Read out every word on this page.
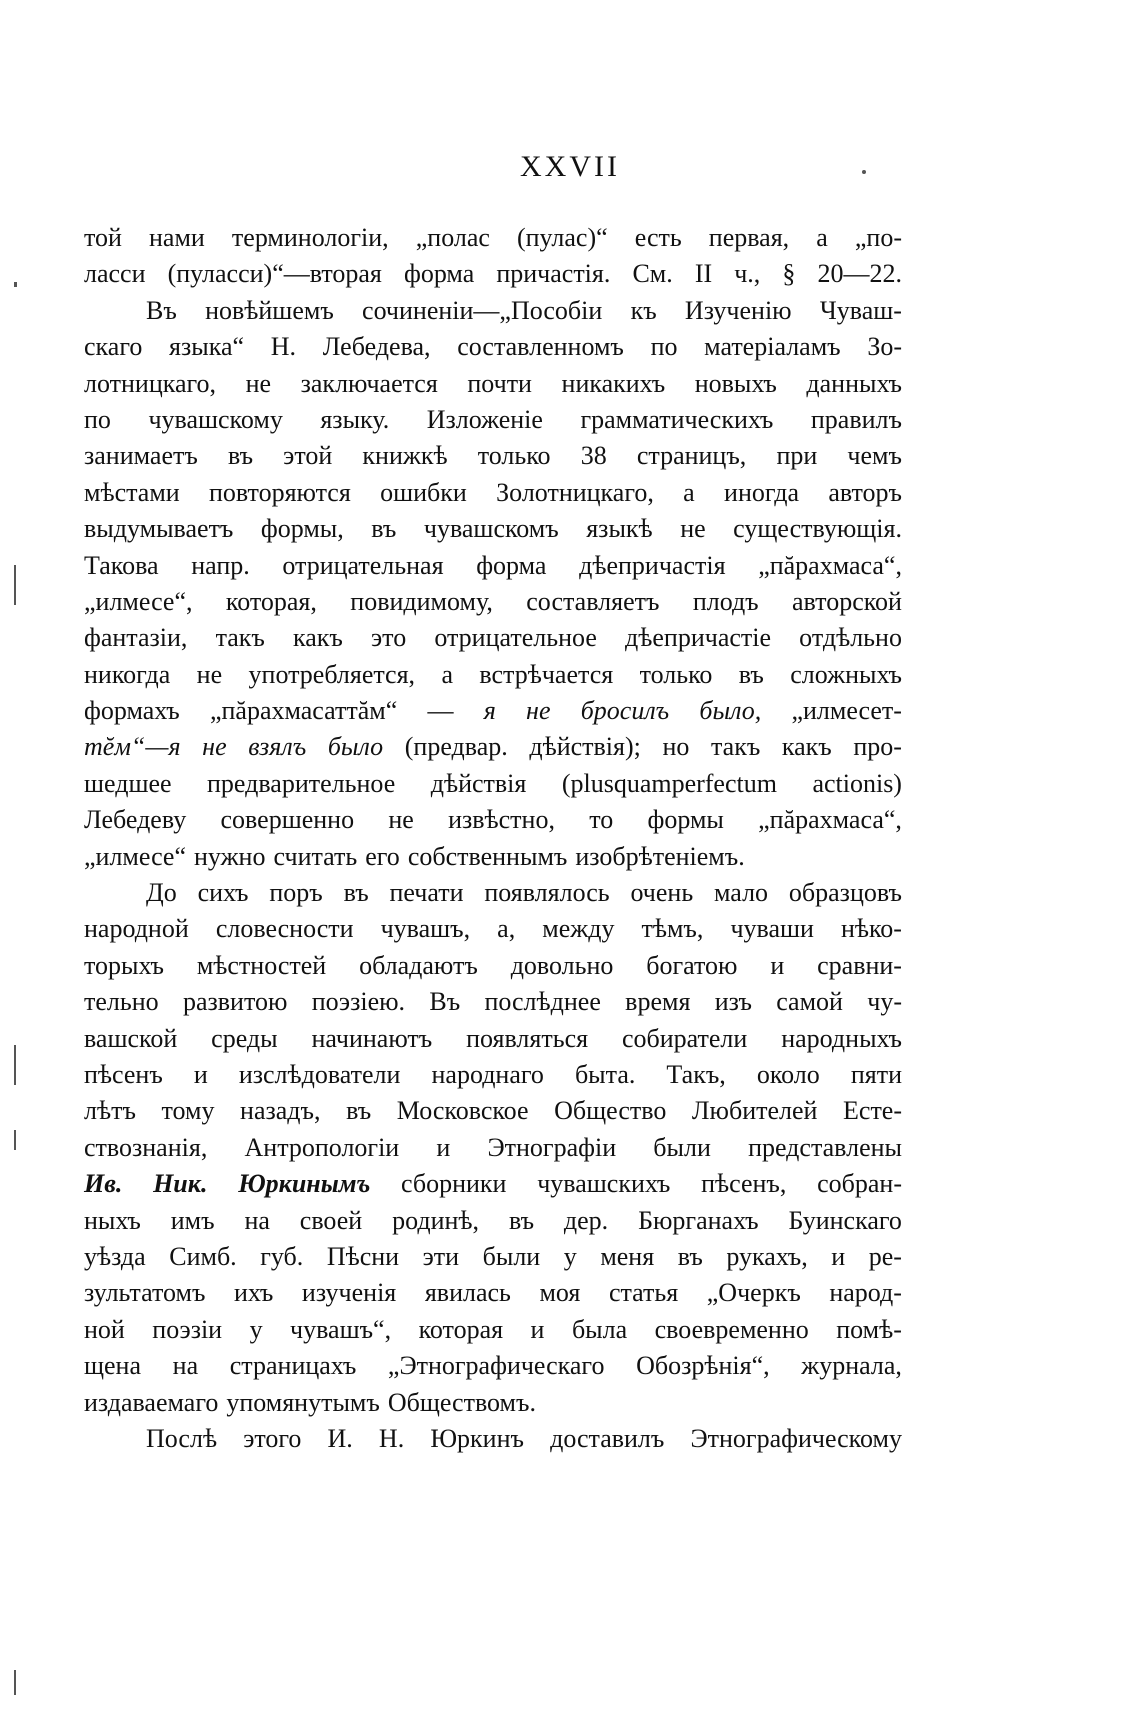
XXVII
той нами терминологіи, „полас (пулас)“ есть первая, а „по-
ласси (пуласси)“—вторая форма причастія. См. II ч., § 20—22.
Въ новѣйшемъ сочиненіи—„Пособіи къ Изученію Чуваш-
скаго языка“ Н. Лебедева, составленномъ по матеріаламъ Зо-
лотницкаго, не заключается почти никакихъ новыхъ данныхъ
по чувашскому языку. Изложеніе грамматическихъ правилъ
занимаетъ въ этой книжкѣ только 38 страницъ, при чемъ
мѣстами повторяются ошибки Золотницкаго, а иногда авторъ
выдумываетъ формы, въ чувашскомъ языкѣ не существующія.
Такова напр. отрицательная форма дѣепричастія „пăрахмаса“,
„илмесе“, которая, повидимому, составляетъ плодъ авторской
фантазіи, такъ какъ это отрицательное дѣепричастіе отдѣльно
никогда не употребляется, а встрѣчается только въ сложныхъ
формахъ „пăрахмасаттăм“ — я не бросилъ было, „илмесет-
тĕм“—я не взялъ было (предвар. дѣйствія); но такъ какъ про-
шедшее предварительное дѣйствія (plusquamperfectum actionis)
Лебедеву совершенно не извѣстно, то формы „пăрахмаса“,
„илмесе“ нужно считать его собственнымъ изобрѣтеніемъ.
До сихъ поръ въ печати появлялось очень мало образцовъ
народной словесности чувашъ, а, между тѣмъ, чуваши нѣко-
торыхъ мѣстностей обладаютъ довольно богатою и сравни-
тельно развитою поэзіею. Въ послѣднее время изъ самой чу-
вашской среды начинаютъ появляться собиратели народныхъ
пѣсенъ и изслѣдователи народнаго быта. Такъ, около пяти
лѣтъ тому назадъ, въ Московское Общество Любителей Есте-
ствознанія, Антропологіи и Этнографіи были представлены
Ив. Ник. Юркинымъ сборники чувашскихъ пѣсенъ, собран-
ныхъ имъ на своей родинѣ, въ дер. Бюрганахъ Буинскаго
уѣзда Симб. губ. Пѣсни эти были у меня въ рукахъ, и ре-
зультатомъ ихъ изученія явилась моя статья „Очеркъ народ-
ной поэзіи у чувашъ“, которая и была своевременно помѣ-
щена на страницахъ „Этнографическаго Обозрѣнія“, журнала,
издаваемаго упомянутымъ Обществомъ.
Послѣ этого И. Н. Юркинъ доставилъ Этнографическому
